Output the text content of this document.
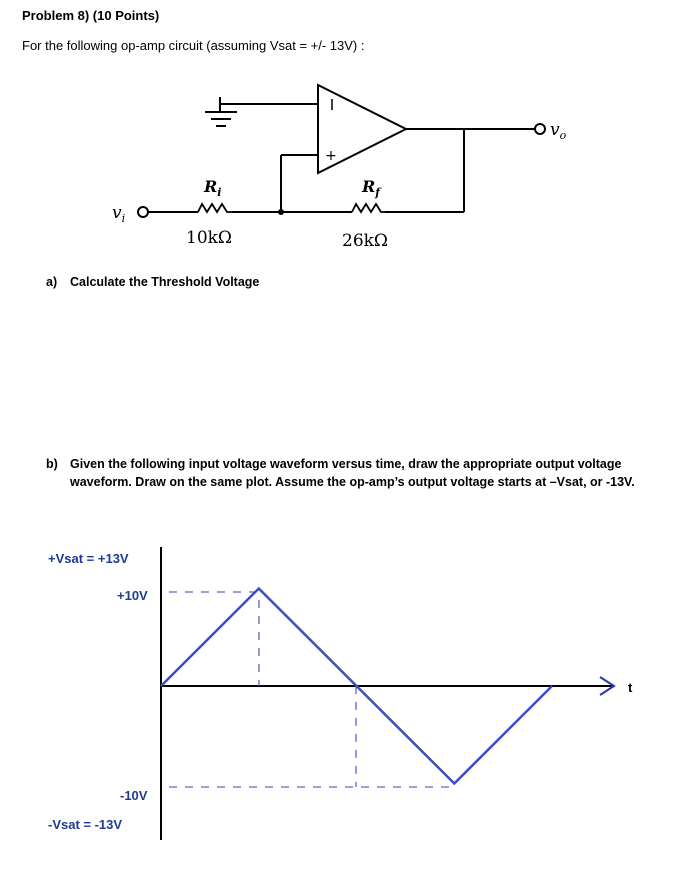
Problem 8) (10 Points)
For the following op-amp circuit (assuming Vsat = +/- 13V) :
+
$v_i$
$v_o$
$R_i$	$R_f$
10kΩ	26kΩ
a) Calculate the Threshold Voltage
b) Given the following input voltage waveform versus time, draw the appropriate output voltage waveform. Draw on the same plot. Assume the op-amp’s output voltage starts at –Vsat, or -13V.
+Vsat = +13V
+10V
-10V
-Vsat = -13V
t
